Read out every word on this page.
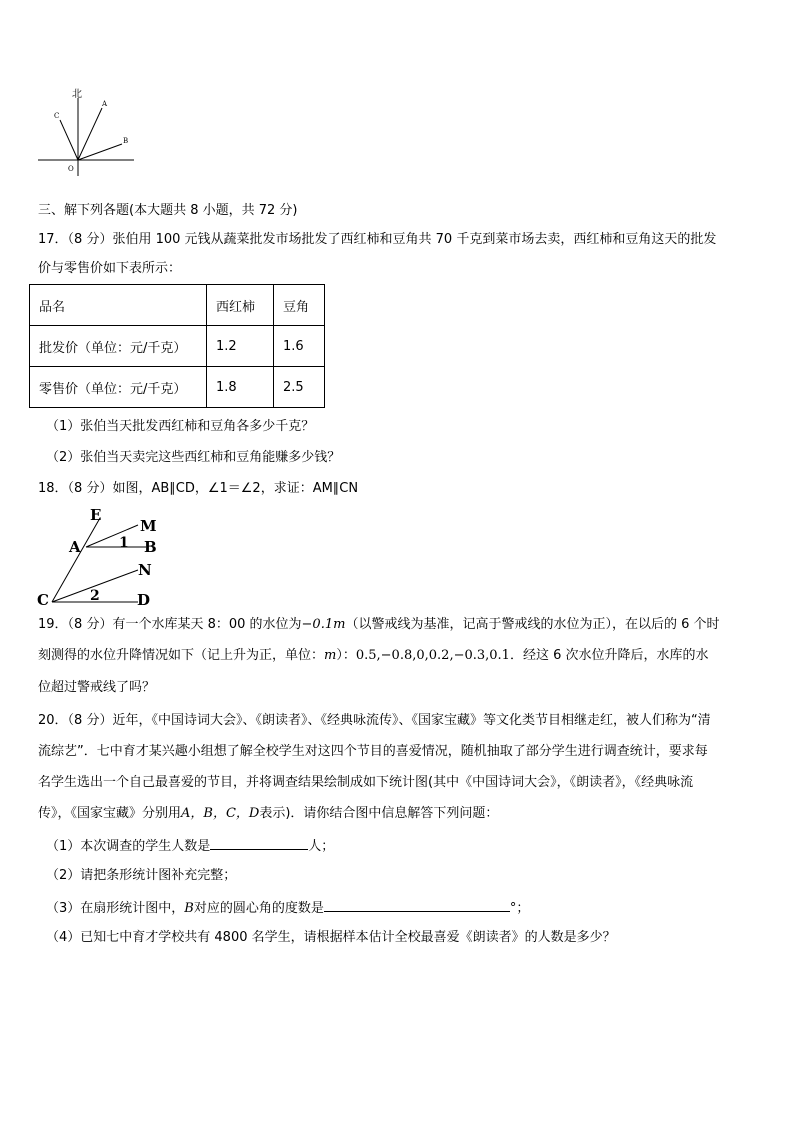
北
A
B
C
O
三、解下列各题(本大题共 8 小题，共 72 分)
17．（8 分）张伯用 100 元钱从蔬菜批发市场批发了西红柿和豆角共 70 千克到菜市场去卖，西红柿和豆角这天的批发
价与零售价如下表所示：
品名	西红柿	豆角
批发价（单位：元/千克）	1.2	1.6
零售价（单位：元/千克）	1.8	2.5
（1）张伯当天批发西红柿和豆角各多少千克？
（2）张伯当天卖完这些西红柿和豆角能赚多少钱？
18．（8 分）如图，AB∥CD，∠1＝∠2，求证：AM∥CN
E
M
A	1 B
N
C	2 D
19．（8 分）有一个水库某天 8：00 的水位为−0.1m（以警戒线为基准，记高于警戒线的水位为正），在以后的 6 个时
刻测得的水位升降情况如下（记上升为正，单位：m）：0.5,−0.8,0,0.2,−0.3,0.1．经这 6 次水位升降后，水库的水
位超过警戒线了吗？
20．（8 分）近年，《中国诗词大会》、《朗读者》、《经典咏流传》、《国家宝藏》等文化类节目相继走红，被人们称为“清
流综艺”．七中育才某兴趣小组想了解全校学生对这四个节目的喜爱情况，随机抽取了部分学生进行调查统计，要求每
名学生选出一个自己最喜爱的节目，并将调查结果绘制成如下统计图(其中《中国诗词大会》，《朗读者》，《经典咏流
传》，《国家宝藏》分别用A，B，C，D表示)．请你结合图中信息解答下列问题：
（1）本次调查的学生人数是	人；
（2）请把条形统计图补充完整；
（3）在扇形统计图中，B对应的圆心角的度数是	°；
（4）已知七中育才学校共有 4800 名学生，请根据样本估计全校最喜爱《朗读者》的人数是多少？
